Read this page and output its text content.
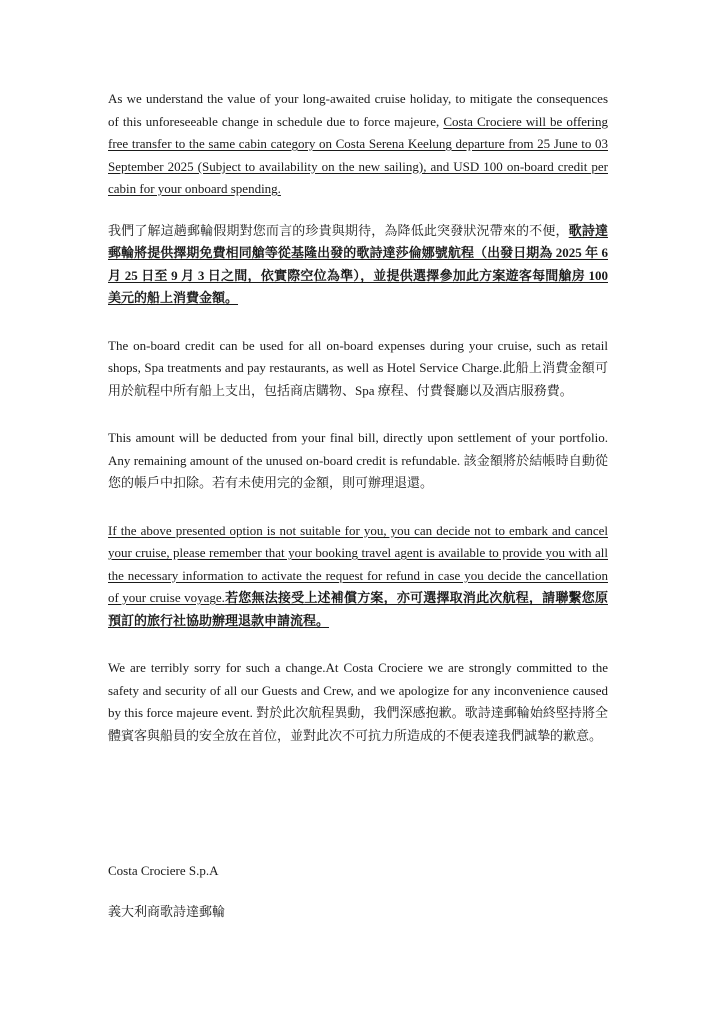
As we understand the value of your long-awaited cruise holiday, to mitigate the consequences of this unforeseeable change in schedule due to force majeure, Costa Crociere will be offering free transfer to the same cabin category on Costa Serena Keelung departure from 25 June to 03 September 2025 (Subject to availability on the new sailing), and USD 100 on-board credit per cabin for your onboard spending.

我們了解這趟郵輪假期對您而言的珍貴與期待，為降低此突發狀況帶來的不便，歌詩達郵輪將提供擇期免費相同艙等從基隆出發的歌詩達莎倫娜號航程（出發日期為 2025 年 6 月 25 日至 9 月 3 日之間，依實際空位為準），並提供選擇參加此方案遊客每間艙房 100 美元的船上消費金額。

The on-board credit can be used for all on-board expenses during your cruise, such as retail shops, Spa treatments and pay restaurants, as well as Hotel Service Charge.此船上消費金額可用於航程中所有船上支出，包括商店購物、Spa 療程、付費餐廳以及酒店服務費。

This amount will be deducted from your final bill, directly upon settlement of your portfolio. Any remaining amount of the unused on-board credit is refundable. 該金額將於結帳時自動從您的帳戶中扣除。若有未使用完的金額，則可辦理退還。

If the above presented option is not suitable for you, you can decide not to embark and cancel your cruise, please remember that your booking travel agent is available to provide you with all the necessary information to activate the request for refund in case you decide the cancellation of your cruise voyage.若您無法接受上述補償方案，亦可選擇取消此次航程，請聯繫您原預訂的旅行社協助辦理退款申請流程。

We are terribly sorry for such a change.At Costa Crociere we are strongly committed to the safety and security of all our Guests and Crew, and we apologize for any inconvenience caused by this force majeure event. 對於此次航程異動，我們深感抱歉。歌詩達郵輪始終堅持將全體賓客與船員的安全放在首位，並對此次不可抗力所造成的不便表達我們誠摯的歉意。

Costa Crociere S.p.A
義大利商歌詩達郵輪
